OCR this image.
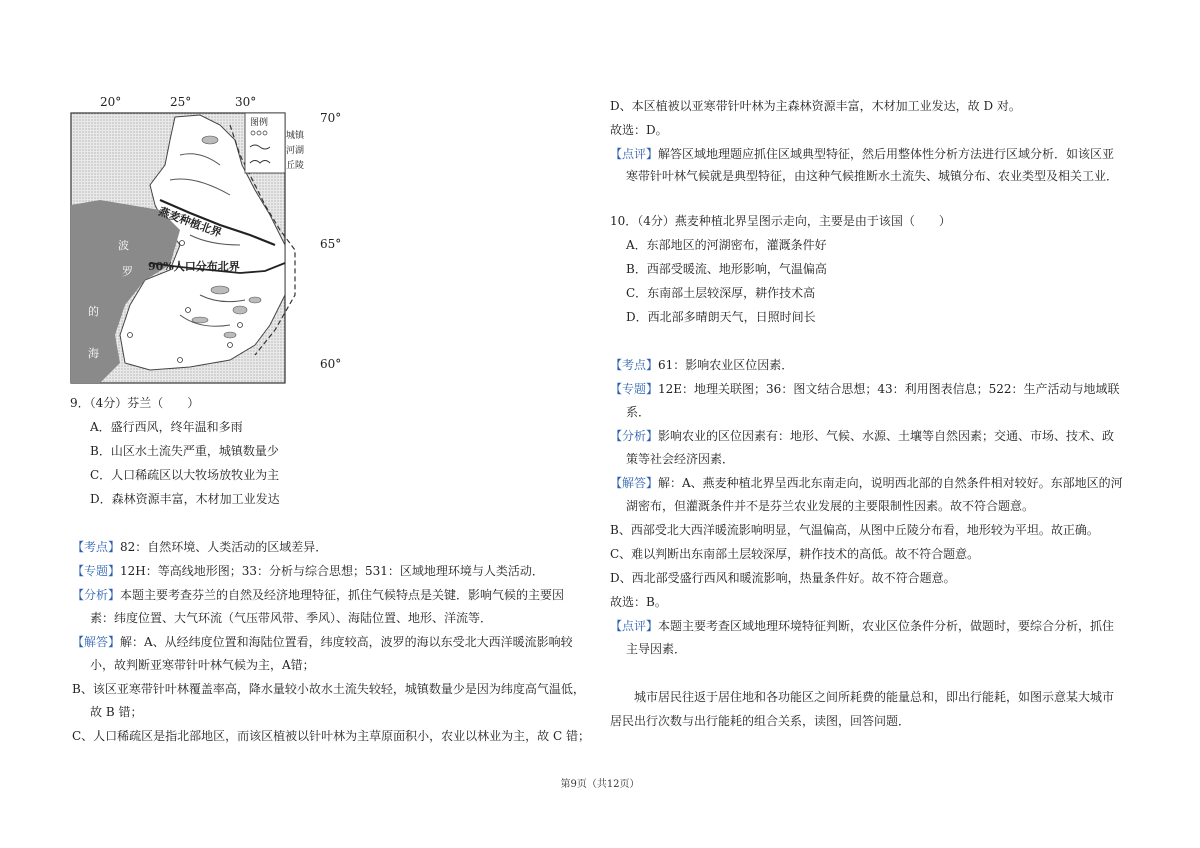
20°	25°	30°
70°
65°
60°
图例
城镇
河湖
丘陵
波
罗
的
海
燕麦种植北界
90%人口分布北界
9．（4分）芬兰（　　）
A．盛行西风，终年温和多雨
B．山区水土流失严重，城镇数量少
C．人口稀疏区以大牧场放牧业为主
D．森林资源丰富，木材加工业发达
【考点】82：自然环境、人类活动的区域差异．
【专题】12H：等高线地形图；33：分析与综合思想；531：区域地理环境与人类活动．
【分析】本题主要考查芬兰的自然及经济地理特征，抓住气候特点是关键．影响气候的主要因
素：纬度位置、大气环流（气压带风带、季风）、海陆位置、地形、洋流等．
【解答】解：A、从经纬度位置和海陆位置看，纬度较高，波罗的海以东受北大西洋暖流影响较
小，故判断亚寒带针叶林气候为主，A错；
B、该区亚寒带针叶林覆盖率高，降水量较小故水土流失较轻，城镇数量少是因为纬度高气温低，
故 B 错；
C、人口稀疏区是指北部地区，而该区植被以针叶林为主草原面积小，农业以林业为主，故 C 错；
D、本区植被以亚寒带针叶林为主森林资源丰富，木材加工业发达，故 D 对。
故选：D。
【点评】解答区域地理题应抓住区域典型特征，然后用整体性分析方法进行区域分析．如该区亚
寒带针叶林气候就是典型特征，由这种气候推断水土流失、城镇分布、农业类型及相关工业．
10．（4分）燕麦种植北界呈图示走向，主要是由于该国（　　）
A．东部地区的河湖密布，灌溉条件好
B．西部受暖流、地形影响，气温偏高
C．东南部土层较深厚，耕作技术高
D．西北部多晴朗天气，日照时间长
【考点】61：影响农业区位因素．
【专题】12E：地理关联图；36：图文结合思想；43：利用图表信息；522：生产活动与地域联
系．
【分析】影响农业的区位因素有：地形、气候、水源、土壤等自然因素；交通、市场、技术、政
策等社会经济因素．
【解答】解：A、燕麦种植北界呈西北东南走向，说明西北部的自然条件相对较好。东部地区的河
湖密布，但灌溉条件并不是芬兰农业发展的主要限制性因素。故不符合题意。
B、西部受北大西洋暖流影响明显，气温偏高，从图中丘陵分布看，地形较为平坦。故正确。
C、难以判断出东南部土层较深厚，耕作技术的高低。故不符合题意。
D、西北部受盛行西风和暖流影响，热量条件好。故不符合题意。
故选：B。
【点评】本题主要考查区域地理环境特征判断，农业区位条件分析，做题时，要综合分析，抓住
主导因素．
城市居民往返于居住地和各功能区之间所耗费的能量总和，即出行能耗，如图示意某大城市
居民出行次数与出行能耗的组合关系，读图，回答问题．
第9页（共12页）
